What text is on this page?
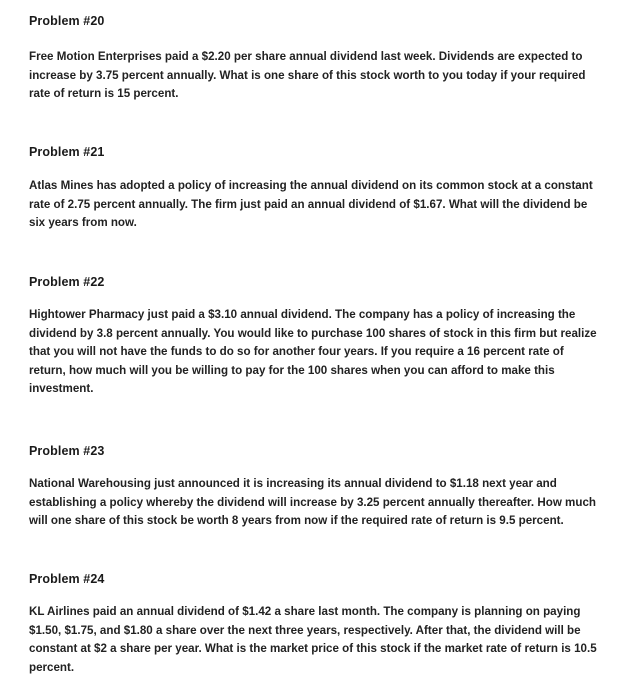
Problem #20

Free Motion Enterprises paid a $2.20 per share annual dividend last week. Dividends are expected to increase by 3.75 percent annually. What is one share of this stock worth to you today if your required rate of return is 15 percent.

Problem #21

Atlas Mines has adopted a policy of increasing the annual dividend on its common stock at a constant rate of 2.75 percent annually. The firm just paid an annual dividend of $1.67. What will the dividend be six years from now.

Problem #22

Hightower Pharmacy just paid a $3.10 annual dividend. The company has a policy of increasing the dividend by 3.8 percent annually. You would like to purchase 100 shares of stock in this firm but realize that you will not have the funds to do so for another four years. If you require a 16 percent rate of return, how much will you be willing to pay for the 100 shares when you can afford to make this investment.

Problem #23

National Warehousing just announced it is increasing its annual dividend to $1.18 next year and establishing a policy whereby the dividend will increase by 3.25 percent annually thereafter. How much will one share of this stock be worth 8 years from now if the required rate of return is 9.5 percent.

Problem #24

KL Airlines paid an annual dividend of $1.42 a share last month. The company is planning on paying $1.50, $1.75, and $1.80 a share over the next three years, respectively. After that, the dividend will be constant at $2 a share per year. What is the market price of this stock if the market rate of return is 10.5 percent.
